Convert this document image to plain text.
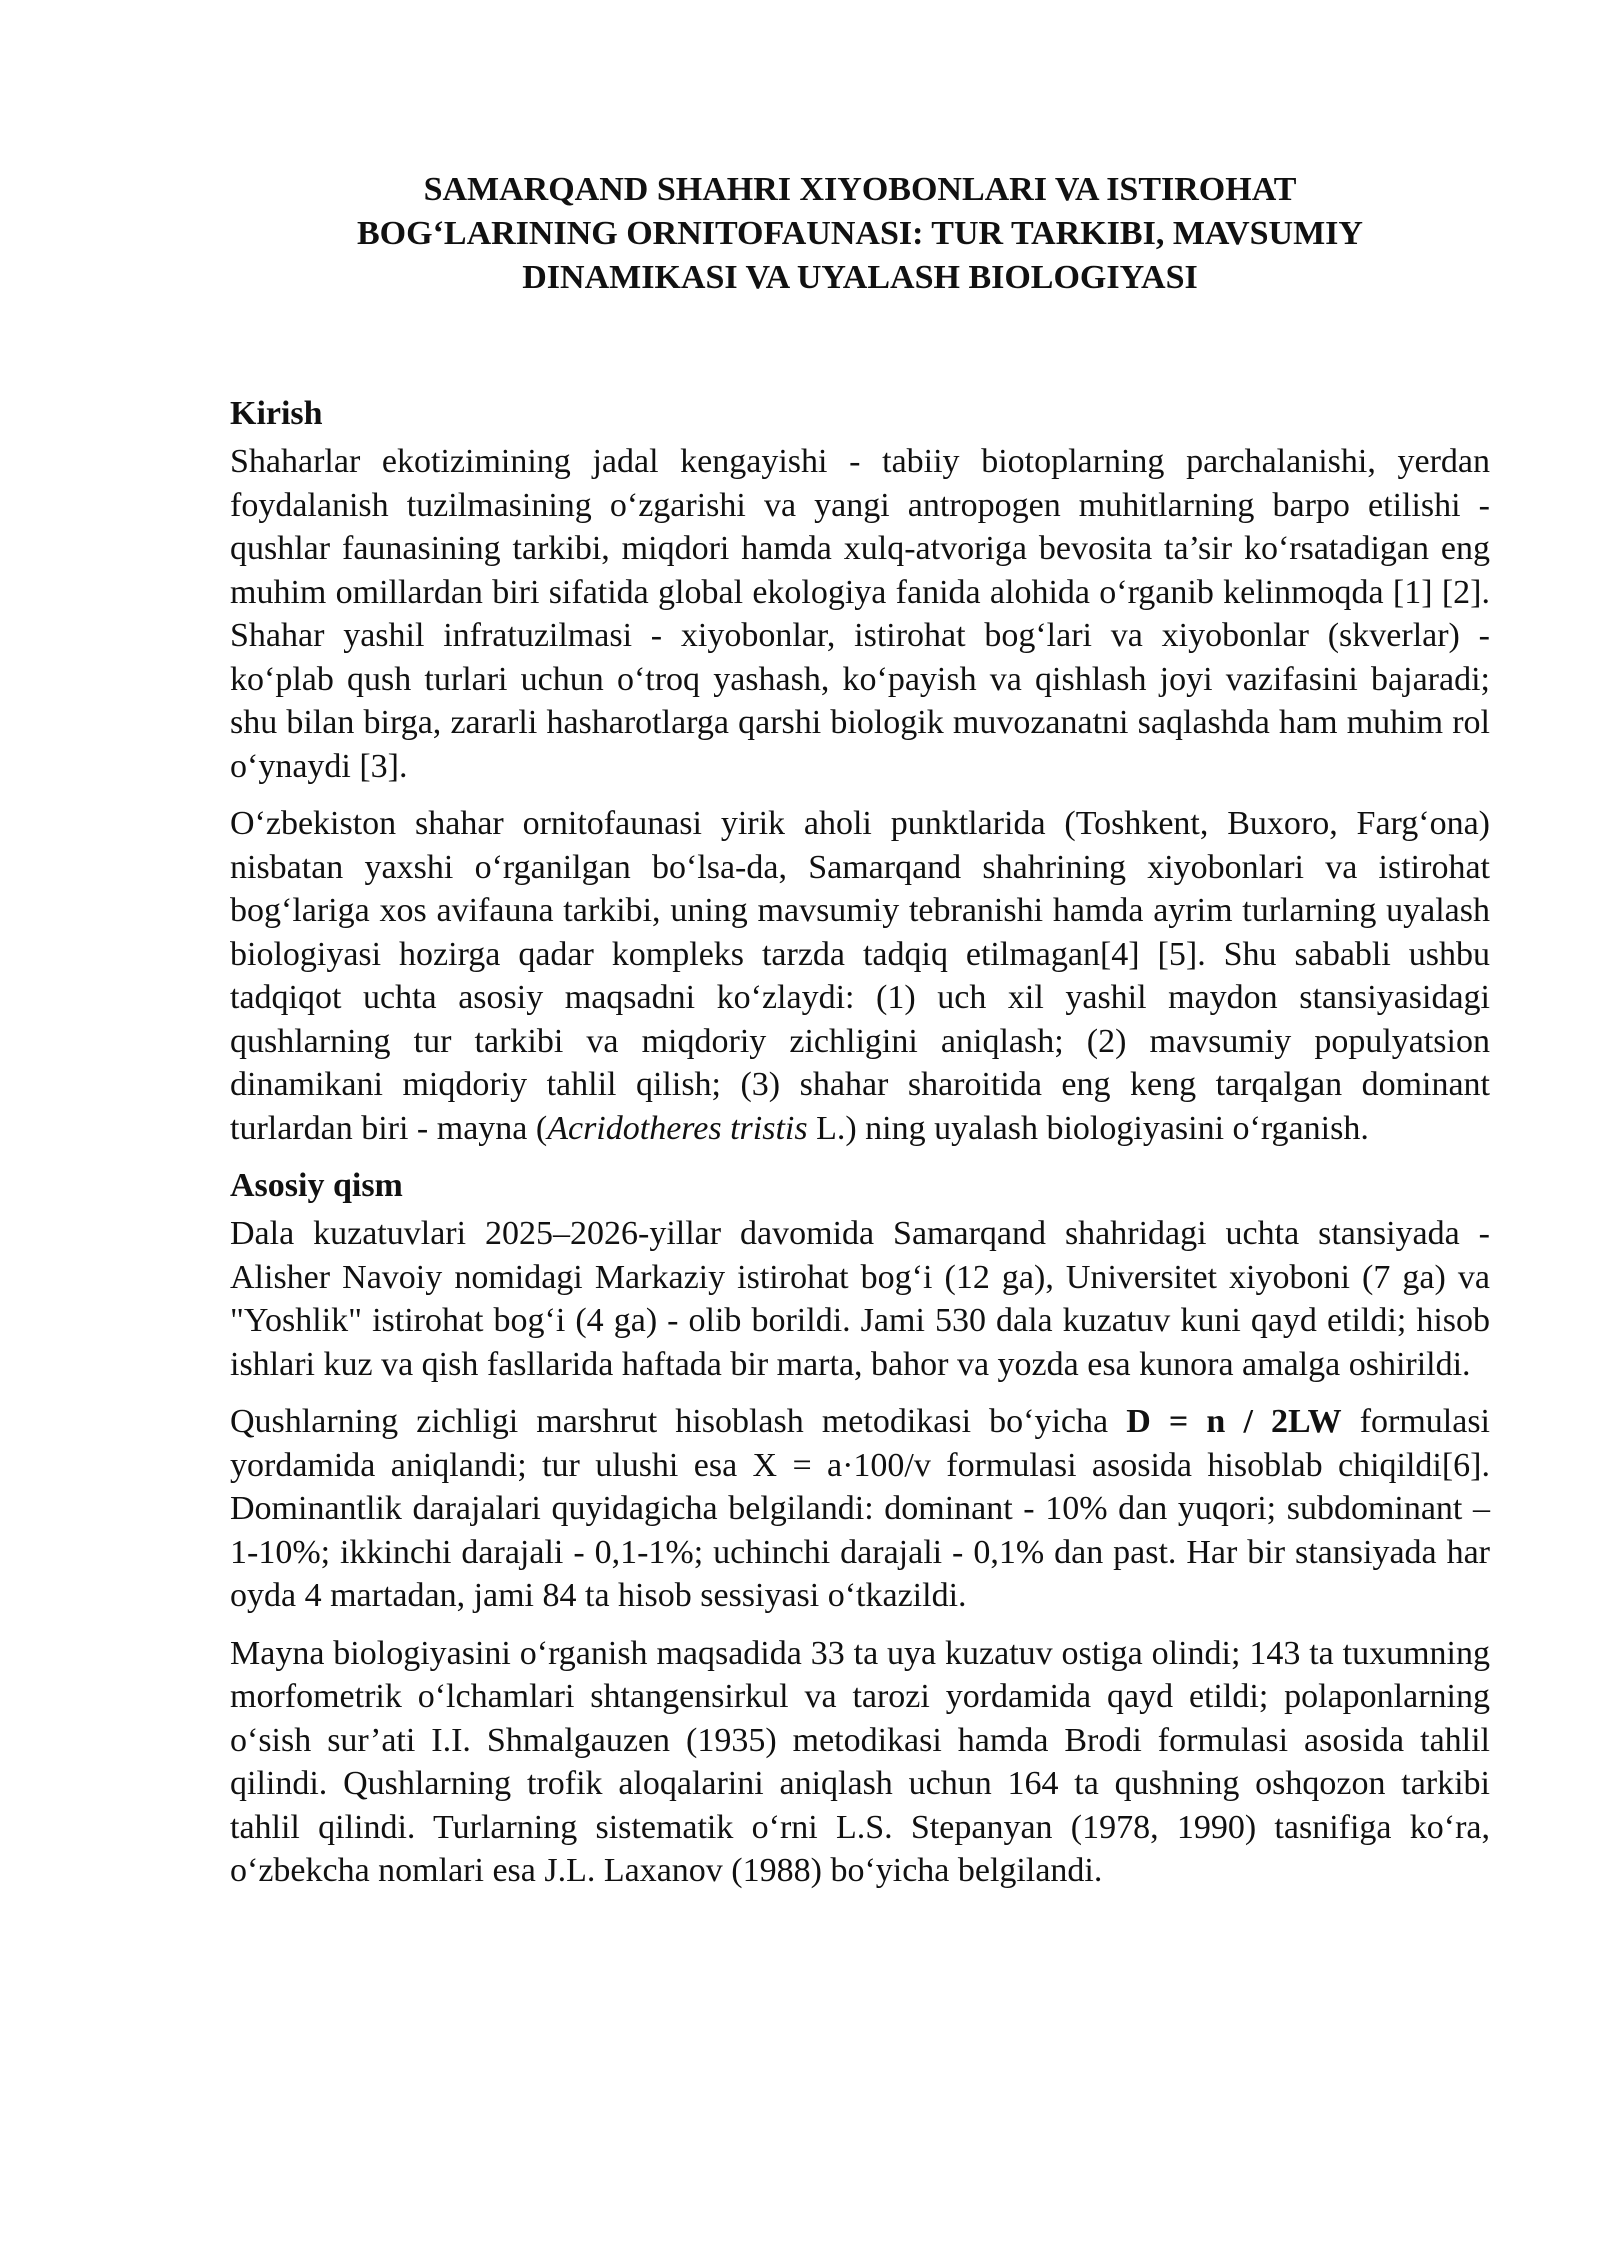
SAMARQAND SHAHRI XIYOBONLARI VA ISTIROHAT
BOG‘LARINING ORNITOFAUNASI: TUR TARKIBI, MAVSUMIY
DINAMIKASI VA UYALASH BIOLOGIYASI
Kirish

Shaharlar ekotizimining jadal kengayishi - tabiiy biotoplarning parchalanishi, yerdan foydalanish tuzilmasining o‘zgarishi va yangi antropogen muhitlarning barpo etilishi - qushlar faunasining tarkibi, miqdori hamda xulq-atvoriga bevosita ta’sir ko‘rsatadigan eng muhim omillardan biri sifatida global ekologiya fanida alohida o‘rganib kelinmoqda [1] [2]. Shahar yashil infratuzilmasi - xiyobonlar, istirohat bog‘lari va xiyobonlar (skverlar) - ko‘plab qush turlari uchun o‘troq yashash, ko‘payish va qishlash joyi vazifasini bajaradi; shu bilan birga, zararli hasharotlarga qarshi biologik muvozanatni saqlashda ham muhim rol o‘ynaydi [3].

O‘zbekiston shahar ornitofaunasi yirik aholi punktlarida (Toshkent, Buxoro, Farg‘ona) nisbatan yaxshi o‘rganilgan bo‘lsa-da, Samarqand shahrining xiyobonlari va istirohat bog‘lariga xos avifauna tarkibi, uning mavsumiy tebranishi hamda ayrim turlarning uyalash biologiyasi hozirga qadar kompleks tarzda tadqiq etilmagan[4] [5]. Shu sababli ushbu tadqiqot uchta asosiy maqsadni ko‘zlaydi: (1) uch xil yashil maydon stansiyasidagi qushlarning tur tarkibi va miqdoriy zichligini aniqlash; (2) mavsumiy populyatsion dinamikani miqdoriy tahlil qilish; (3) shahar sharoitida eng keng tarqalgan dominant turlardan biri - mayna (Acridotheres tristis L.) ning uyalash biologiyasini o‘rganish.

Asosiy qism

Dala kuzatuvlari 2025–2026-yillar davomida Samarqand shahridagi uchta stansiyada - Alisher Navoiy nomidagi Markaziy istirohat bog‘i (12 ga), Universitet xiyoboni (7 ga) va "Yoshlik" istirohat bog‘i (4 ga) - olib borildi. Jami 530 dala kuzatuv kuni qayd etildi; hisob ishlari kuz va qish fasllarida haftada bir marta, bahor va yozda esa kunora amalga oshirildi.

Qushlarning zichligi marshrut hisoblash metodikasi bo‘yicha D = n / 2LW formulasi yordamida aniqlandi; tur ulushi esa X = a·100/v formulasi asosida hisoblab chiqildi[6]. Dominantlik darajalari quyidagicha belgilandi: dominant - 10% dan yuqori; subdominant – 1-10%; ikkinchi darajali - 0,1-1%; uchinchi darajali - 0,1% dan past. Har bir stansiyada har oyda 4 martadan, jami 84 ta hisob sessiyasi o‘tkazildi.

Mayna biologiyasini o‘rganish maqsadida 33 ta uya kuzatuv ostiga olindi; 143 ta tuxumning morfometrik o‘lchamlari shtangensirkul va tarozi yordamida qayd etildi; polaponlarning o‘sish sur’ati I.I. Shmalgauzen (1935) metodikasi hamda Brodi formulasi asosida tahlil qilindi. Qushlarning trofik aloqalarini aniqlash uchun 164 ta qushning oshqozon tarkibi tahlil qilindi. Turlarning sistematik o‘rni L.S. Stepanyan (1978, 1990) tasnifiga ko‘ra, o‘zbekcha nomlari esa J.L. Laxanov (1988) bo‘yicha belgilandi.
